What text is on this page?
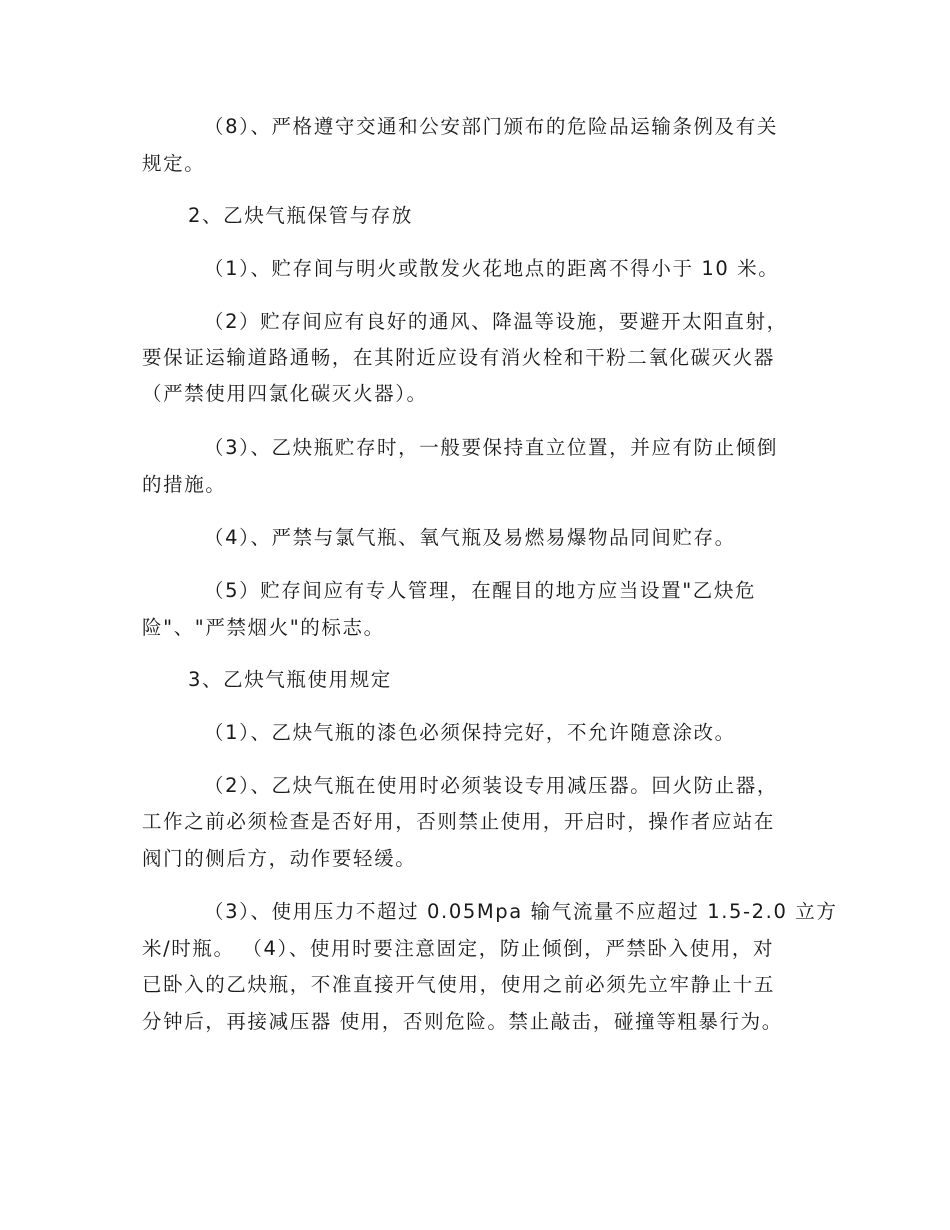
（8）、严格遵守交通和公安部门颁布的危险品运输条例及有关
规定。
2、乙炔气瓶保管与存放
（1）、贮存间与明火或散发火花地点的距离不得小于 10 米。
（2）贮存间应有良好的通风、降温等设施，要避开太阳直射，
要保证运输道路通畅，在其附近应设有消火栓和干粉二氧化碳灭火器
（严禁使用四氯化碳灭火器）。
（3）、乙炔瓶贮存时，一般要保持直立位置，并应有防止倾倒
的措施。
（4）、严禁与氯气瓶、氧气瓶及易燃易爆物品同间贮存。
（5）贮存间应有专人管理，在醒目的地方应当设置"乙炔危
险"、"严禁烟火"的标志。
3、乙炔气瓶使用规定
（1）、乙炔气瓶的漆色必须保持完好，不允许随意涂改。
（2）、乙炔气瓶在使用时必须装设专用减压器。回火防止器，
工作之前必须检查是否好用，否则禁止使用，开启时，操作者应站在
阀门的侧后方，动作要轻缓。
（3）、使用压力不超过 0.05Mpa 输气流量不应超过 1.5-2.0 立方
米/时瓶。 （4）、使用时要注意固定，防止倾倒，严禁卧入使用，对
已卧入的乙炔瓶，不准直接开气使用，使用之前必须先立牢静止十五
分钟后，再接减压器 使用，否则危险。禁止敲击，碰撞等粗暴行为。
